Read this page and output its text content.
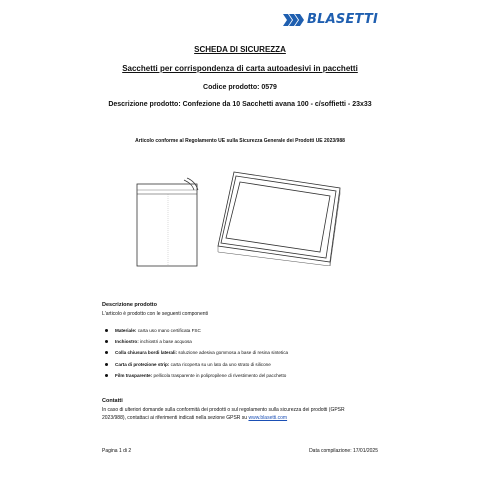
BLASETTI
SCHEDA DI SICUREZZA
Sacchetti per corrispondenza di carta autoadesivi in pacchetti
Codice prodotto: 0579
Descrizione prodotto: Confezione da 10 Sacchetti avana 100 - c/soffietti - 23x33
Articolo conforme al Regolamento UE sulla Sicurezza Generale dei Prodotti UE 2023/988
Descrizione prodotto
L'articolo è prodotto con le seguenti componenti
Materiale: carta uso mano certificata FSC
Inchiostro: inchiostri a base acquosa
Colla chiusura bordi laterali: soluzione adesiva gommosa a base di resina sintetica
Carta di protezione strip: carta ricoperta su un lato da uno strato di silicone
Film trasparente: pellicola trasparente in polipropilene di rivestimento del pacchetto
Contatti
In caso di ulteriori domande sulla conformità dei prodotti o sul regolamento sulla sicurezza dei prodotti (GPSR
2023/988), contattaci ai riferimenti indicati nella sezione GPSR su www.blasetti.com
Pagina 1 di 2	Data compilazione: 17/01/2025
